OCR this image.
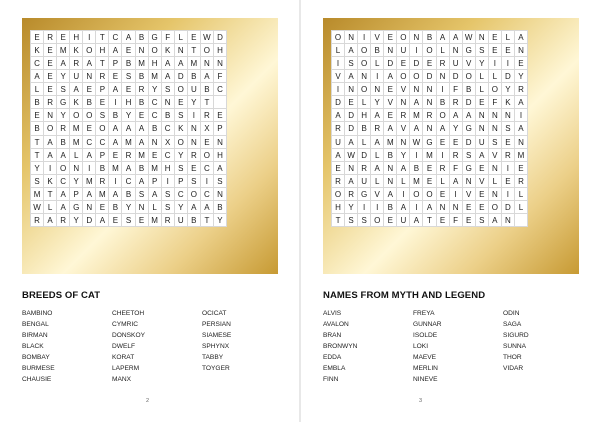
E R E H	I	T C A B G F	L	E W D
K E M K O H A E N O K N T O H
C E A R A T P B M H A A M N N
A E Y U N R E S B M A D B A F
L	E S A E P A E R Y S O U B C
B R G K B E	I	H B C N E Y T
E N Y O O S B Y E C B S	I	R E
B O R M E O A A A B C K N X P
T A B M C C A M A N X O N E N
T A A	L	A P E R M E C Y R O H
Y	I	O N	I	B M A B M H S E C A
S K C Y M R	I	C A P	I	P S	I	S
M T A P A M A B S A S C O C N
W L	A G N E B Y N L	S Y A A B
R A R Y D A E S E M R U B T Y
BREEDS OF CAT
BAMBINO
BENGAL
BIRMAN
BLACK
BOMBAY
BURMESE
CHAUSIE
CHEETOH
CYMRIC
DONSKOY
DWELF
KORAT
LAPERM
MANX
OCICAT
PERSIAN
SIAMESE
SPHYNX
TABBY
TOYGER
2
O N	I	V E O N B A A W N E	L	A
L	A O B N U	I	O L N G S E E N
I	S O L D E D E R U V Y	I	I	E
V A N	I	A O O D N D O L	L D Y
I	N O N E V N N	I	F B	L O Y R
D E	L	Y V N A N B R D E F K A
A D H A E R M R O A A N N N	I
R D B R A V A N A Y G N N S A
U A	L	A M N W G E E D U S E N
A W D L	B Y	I	M	I	R S A V R M
E N R A N A B E R F G E N	I	E
R A U L N L M E	L	A N V	L	E R
O R G V A	I	O O E	I	V E N	I	L
H Y	I	I	B A	I	A N N E E O D L
T S S O E U A T E F E S A N
NAMES FROM MYTH AND LEGEND
ALVIS
AVALON
BRAN
BRONWYN
EDDA
EMBLA
FINN
FREYA
GUNNAR
ISOLDE
LOKI
MAEVE
MERLIN
NINEVE
ODIN
SAGA
SIGURD
SUNNA
THOR
VIDAR
3
